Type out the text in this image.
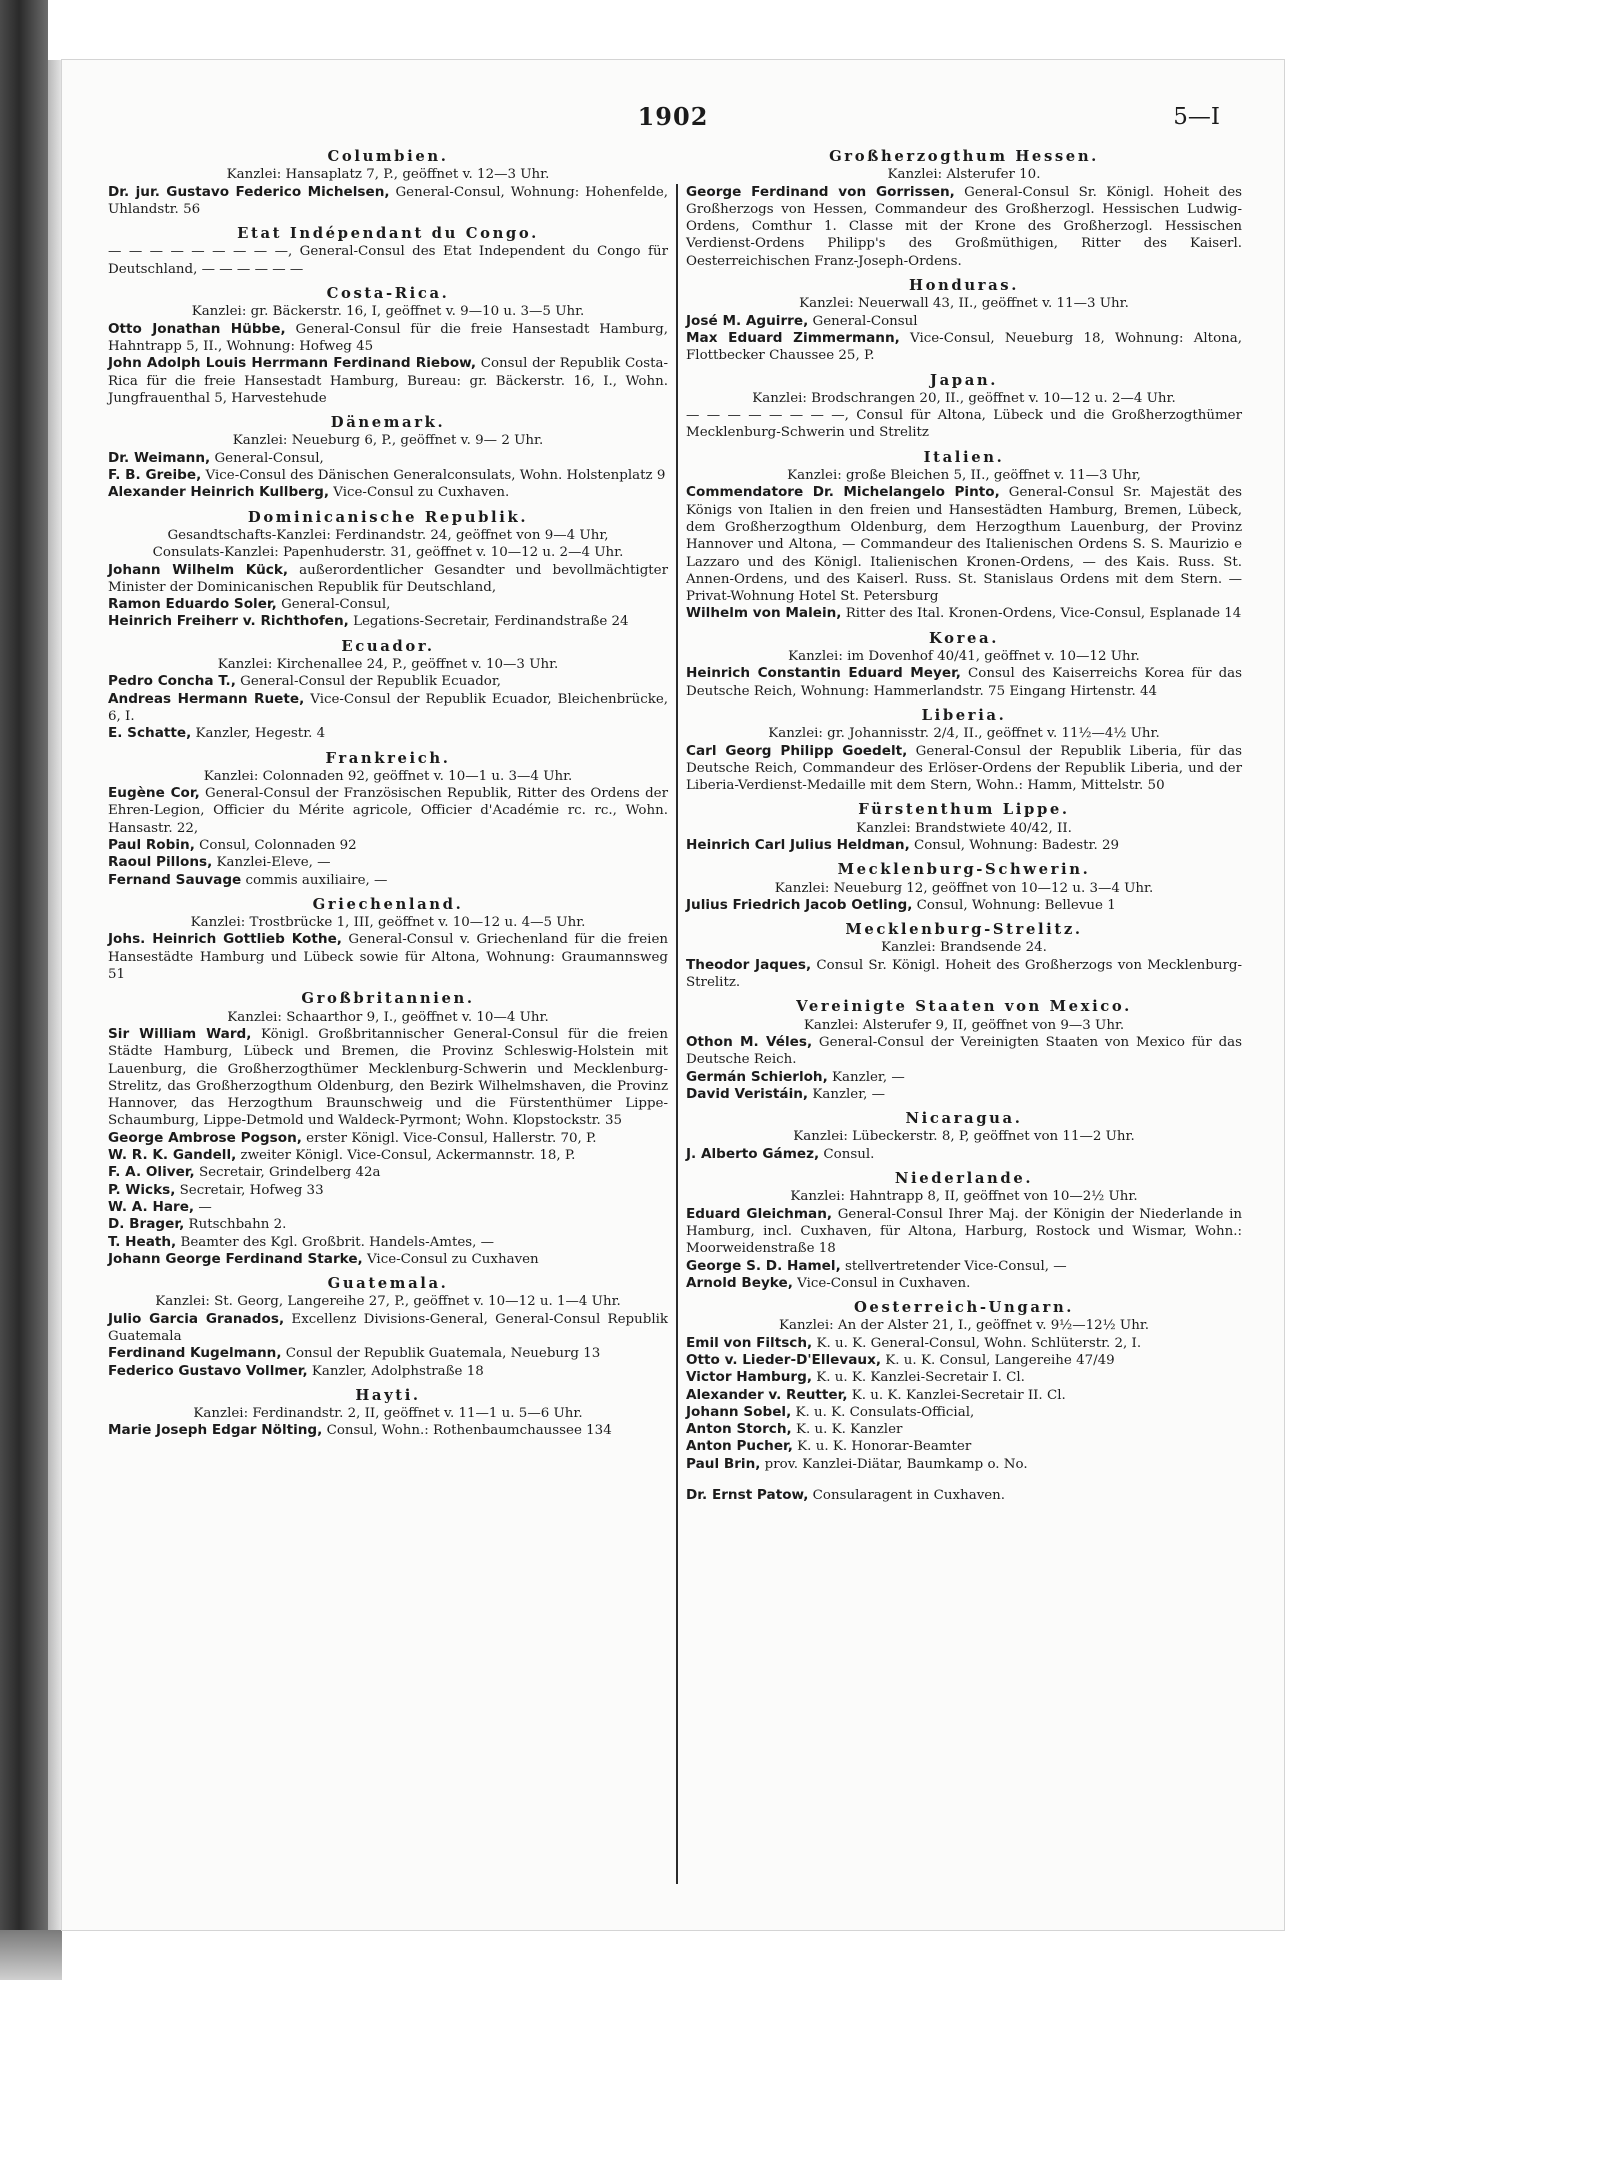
1902	5—I
Columbien.
Kanzlei: Hansaplatz 7, P., geöffnet v. 12—3 Uhr.
Dr. jur. Gustavo Federico Michelsen, General-Consul, Wohnung: Hohenfelde, Uhlandstr. 56
Etat Indépendant du Congo.
— — — — — — — — —, General-Consul des Etat Independent du Congo für Deutschland, — — — — — —
Costa-Rica.
Kanzlei: gr. Bäckerstr. 16, I, geöffnet v. 9—10 u. 3—5 Uhr.
Otto Jonathan Hübbe, General-Consul für die freie Hansestadt Hamburg, Hahntrapp 5, II., Wohnung: Hofweg 45
John Adolph Louis Herrmann Ferdinand Riebow, Consul der Republik Costa-Rica für die freie Hansestadt Hamburg, Bureau: gr. Bäckerstr. 16, I., Wohn. Jungfrauenthal 5, Harvestehude
Dänemark.
Kanzlei: Neueburg 6, P., geöffnet v. 9— 2 Uhr.
Dr. Weimann, General-Consul,
F. B. Greibe, Vice-Consul des Dänischen Generalconsulats, Wohn. Holstenplatz 9
Alexander Heinrich Kullberg, Vice-Consul zu Cuxhaven.
Dominicanische Republik.
Gesandtschafts-Kanzlei: Ferdinandstr. 24, geöffnet von 9—4 Uhr,
Consulats-Kanzlei: Papenhuderstr. 31, geöffnet v. 10—12 u. 2—4 Uhr.
Johann Wilhelm Kück, außerordentlicher Gesandter und bevollmächtigter Minister der Dominicanischen Republik für Deutschland,
Ramon Eduardo Soler, General-Consul,
Heinrich Freiherr v. Richthofen, Legations-Secretair, Ferdinandstraße 24
Ecuador.
Kanzlei: Kirchenallee 24, P., geöffnet v. 10—3 Uhr.
Pedro Concha T., General-Consul der Republik Ecuador,
Andreas Hermann Ruete, Vice-Consul der Republik Ecuador, Bleichenbrücke, 6, I.
E. Schatte, Kanzler, Hegestr. 4
Frankreich.
Kanzlei: Colonnaden 92, geöffnet v. 10—1 u. 3—4 Uhr.
Eugène Cor, General-Consul der Französischen Republik, Ritter des Ordens der Ehren-Legion, Officier du Mérite agricole, Officier d'Académie rc. rc., Wohn. Hansastr. 22,
Paul Robin, Consul, Colonnaden 92
Raoul Pillons, Kanzlei-Eleve, —
Fernand Sauvage commis auxiliaire, —
Griechenland.
Kanzlei: Trostbrücke 1, III, geöffnet v. 10—12 u. 4—5 Uhr.
Johs. Heinrich Gottlieb Kothe, General-Consul v. Griechenland für die freien Hansestädte Hamburg und Lübeck sowie für Altona, Wohnung: Graumannsweg 51
Großbritannien.
Kanzlei: Schaarthor 9, I., geöffnet v. 10—4 Uhr.
Sir William Ward, Königl. Großbritannischer General-Consul für die freien Städte Hamburg, Lübeck und Bremen, die Provinz Schleswig-Holstein mit Lauenburg, die Großherzogthümer Mecklenburg-Schwerin und Mecklenburg-Strelitz, das Großherzogthum Oldenburg, den Bezirk Wilhelmshaven, die Provinz Hannover, das Herzogthum Braunschweig und die Fürstenthümer Lippe-Schaumburg, Lippe-Detmold und Waldeck-Pyrmont; Wohn. Klopstockstr. 35
George Ambrose Pogson, erster Königl. Vice-Consul, Hallerstr. 70, P.
W. R. K. Gandell, zweiter Königl. Vice-Consul, Ackermannstr. 18, P.
F. A. Oliver, Secretair, Grindelberg 42a
P. Wicks, Secretair, Hofweg 33
W. A. Hare, —
D. Brager, Rutschbahn 2.
T. Heath, Beamter des Kgl. Großbrit. Handels-Amtes, —
Johann George Ferdinand Starke, Vice-Consul zu Cuxhaven
Guatemala.
Kanzlei: St. Georg, Langereihe 27, P., geöffnet v. 10—12 u. 1—4 Uhr.
Julio Garcia Granados, Excellenz Divisions-General, General-Consul Republik Guatemala
Ferdinand Kugelmann, Consul der Republik Guatemala, Neueburg 13
Federico Gustavo Vollmer, Kanzler, Adolphstraße 18
Hayti.
Kanzlei: Ferdinandstr. 2, II, geöffnet v. 11—1 u. 5—6 Uhr.
Marie Joseph Edgar Nölting, Consul, Wohn.: Rothenbaumchaussee 134
Großherzogthum Hessen.
Kanzlei: Alsterufer 10.
George Ferdinand von Gorrissen, General-Consul Sr. Königl. Hoheit des Großherzogs von Hessen, Commandeur des Großherzogl. Hessischen Ludwig-Ordens, Comthur 1. Classe mit der Krone des Großherzogl. Hessischen Verdienst-Ordens Philipp's des Großmüthigen, Ritter des Kaiserl. Oesterreichischen Franz-Joseph-Ordens.
Honduras.
Kanzlei: Neuerwall 43, II., geöffnet v. 11—3 Uhr.
José M. Aguirre, General-Consul
Max Eduard Zimmermann, Vice-Consul, Neueburg 18, Wohnung: Altona, Flottbecker Chaussee 25, P.
Japan.
Kanzlei: Brodschrangen 20, II., geöffnet v. 10—12 u. 2—4 Uhr.
— — — — — — — —, Consul für Altona, Lübeck und die Großherzogthümer Mecklenburg-Schwerin und Strelitz
Italien.
Kanzlei: große Bleichen 5, II., geöffnet v. 11—3 Uhr,
Commendatore Dr. Michelangelo Pinto, General-Consul Sr. Majestät des Königs von Italien in den freien und Hansestädten Hamburg, Bremen, Lübeck, dem Großherzogthum Oldenburg, dem Herzogthum Lauenburg, der Provinz Hannover und Altona, — Commandeur des Italienischen Ordens S. S. Maurizio e Lazzaro und des Königl. Italienischen Kronen-Ordens, — des Kais. Russ. St. Annen-Ordens, und des Kaiserl. Russ. St. Stanislaus Ordens mit dem Stern. — Privat-Wohnung Hotel St. Petersburg
Wilhelm von Malein, Ritter des Ital. Kronen-Ordens, Vice-Consul, Esplanade 14
Korea.
Kanzlei: im Dovenhof 40/41, geöffnet v. 10—12 Uhr.
Heinrich Constantin Eduard Meyer, Consul des Kaiserreichs Korea für das Deutsche Reich, Wohnung: Hammerlandstr. 75 Eingang Hirtenstr. 44
Liberia.
Kanzlei: gr. Johannisstr. 2/4, II., geöffnet v. 11½—4½ Uhr.
Carl Georg Philipp Goedelt, General-Consul der Republik Liberia, für das Deutsche Reich, Commandeur des Erlöser-Ordens der Republik Liberia, und der Liberia-Verdienst-Medaille mit dem Stern, Wohn.: Hamm, Mittelstr. 50
Fürstenthum Lippe.
Kanzlei: Brandstwiete 40/42, II.
Heinrich Carl Julius Heldman, Consul, Wohnung: Badestr. 29
Mecklenburg-Schwerin.
Kanzlei: Neueburg 12, geöffnet von 10—12 u. 3—4 Uhr.
Julius Friedrich Jacob Oetling, Consul, Wohnung: Bellevue 1
Mecklenburg-Strelitz.
Kanzlei: Brandsende 24.
Theodor Jaques, Consul Sr. Königl. Hoheit des Großherzogs von Mecklenburg-Strelitz.
Vereinigte Staaten von Mexico.
Kanzlei: Alsterufer 9, II, geöffnet von 9—3 Uhr.
Othon M. Véles, General-Consul der Vereinigten Staaten von Mexico für das Deutsche Reich.
Germán Schierloh, Kanzler, —
David Veristáin, Kanzler, —
Nicaragua.
Kanzlei: Lübeckerstr. 8, P, geöffnet von 11—2 Uhr.
J. Alberto Gámez, Consul.
Niederlande.
Kanzlei: Hahntrapp 8, II, geöffnet von 10—2½ Uhr.
Eduard Gleichman, General-Consul Ihrer Maj. der Königin der Niederlande in Hamburg, incl. Cuxhaven, für Altona, Harburg, Rostock und Wismar, Wohn.: Moorweidenstraße 18
George S. D. Hamel, stellvertretender Vice-Consul, —
Arnold Beyke, Vice-Consul in Cuxhaven.
Oesterreich-Ungarn.
Kanzlei: An der Alster 21, I., geöffnet v. 9½—12½ Uhr.
Emil von Filtsch, K. u. K. General-Consul, Wohn. Schlüterstr. 2, I.
Otto v. Lieder-D'Ellevaux, K. u. K. Consul, Langereihe 47/49
Victor Hamburg, K. u. K. Kanzlei-Secretair I. Cl.
Alexander v. Reutter, K. u. K. Kanzlei-Secretair II. Cl.
Johann Sobel, K. u. K. Consulats-Official,
Anton Storch, K. u. K. Kanzler
Anton Pucher, K. u. K. Honorar-Beamter
Paul Brin, prov. Kanzlei-Diätar, Baumkamp o. No.
Dr. Ernst Patow, Consularagent in Cuxhaven.
